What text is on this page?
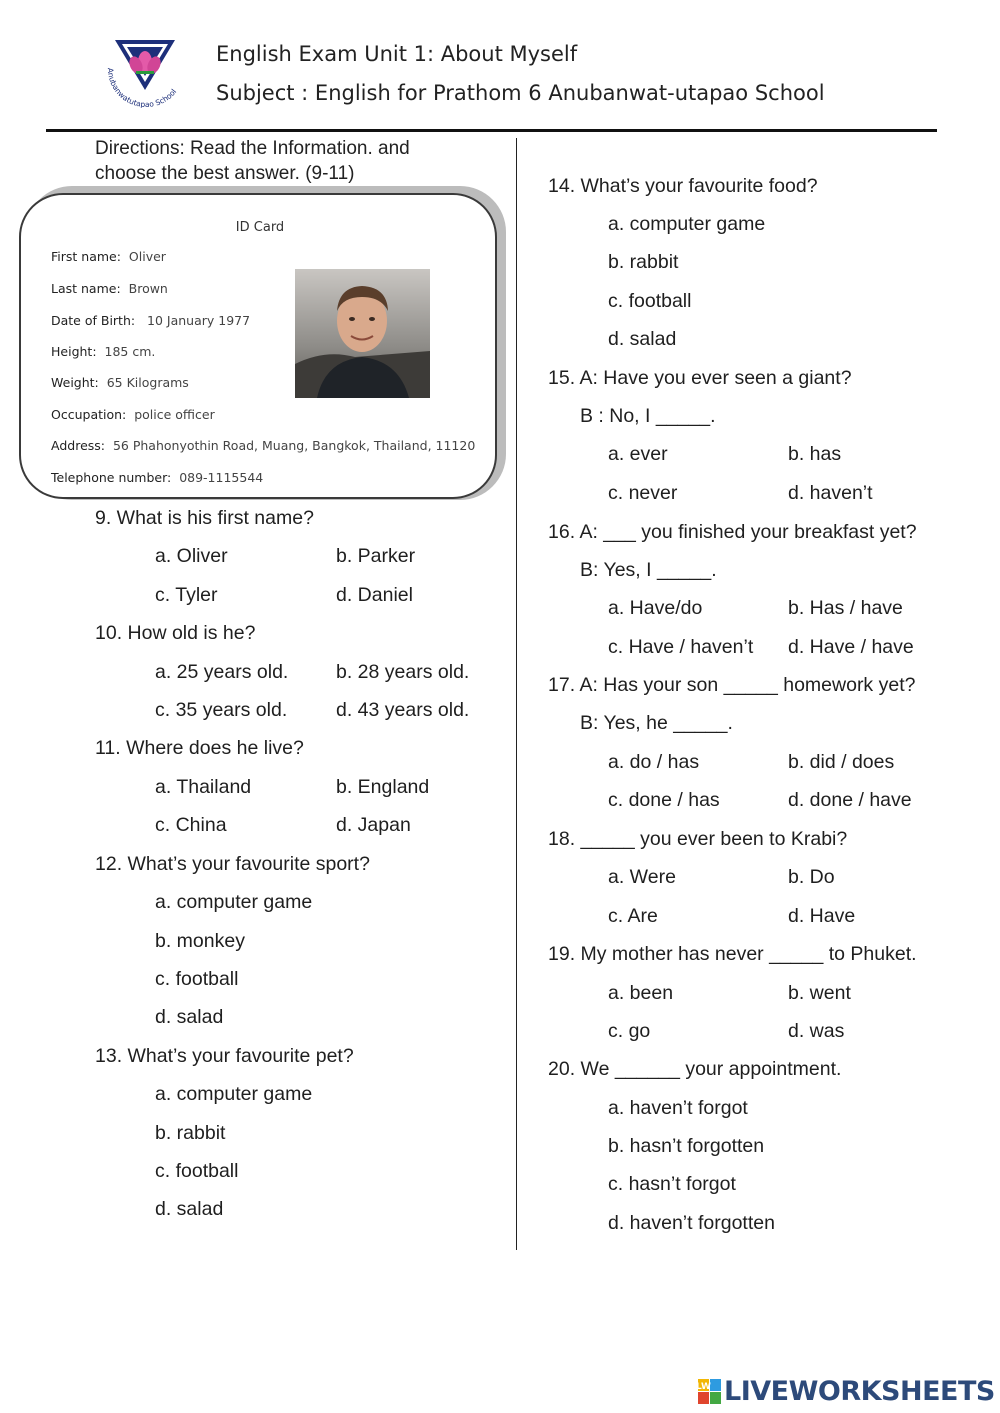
Anubanwatutapao School
English Exam Unit 1: About Myself
Subject : English for Prathom 6 Anubanwat-utapao School
Directions: Read the Information. and
choose the best answer. (9-11)
ID Card
First name: Oliver
Last name: Brown
Date of Birth: 10 January 1977
Height: 185 cm.
Weight: 65 Kilograms
Occupation: police officer
Address: 56 Phahonyothin Road, Muang, Bangkok, Thailand, 11120
Telephone number: 089-1115544
9. What is his first name?
a. Oliver	b. Parker
c. Tyler	d. Daniel
10. How old is he?
a. 25 years old. b. 28 years old.
c. 35 years old.	d. 43 years old.
11. Where does he live?
a. Thailand	b. England
c. China	d. Japan
12. What’s your favourite sport?
a. computer game
b. monkey
c. football
d. salad
13. What’s your favourite pet?
a. computer game
b. rabbit
c. football
d. salad
14. What’s your favourite food?
a. computer game
b. rabbit
c. football
d. salad
15. A: Have you ever seen a giant?
B : No, I _____.
a. ever	b. has
c. never	d. haven’t
16. A: ___ you finished your breakfast yet?
B: Yes, I _____.
a. Have/do	b. Has / have
c. Have / haven’t d. Have / have
17. A: Has your son _____ homework yet?
B: Yes, he _____.
a. do / has	b. did / does
c. done / has	d. done / have
18. _____ you ever been to Krabi?
a. Were	b. Do
c. Are	d. Have
19. My mother has never _____ to Phuket.
a. been	b. went
c. go	d. was
20. We ______ your appointment.
a. haven’t forgot
b. hasn’t forgotten
c. hasn’t forgot
d. haven’t forgotten
LW LIVEWORKSHEETS
